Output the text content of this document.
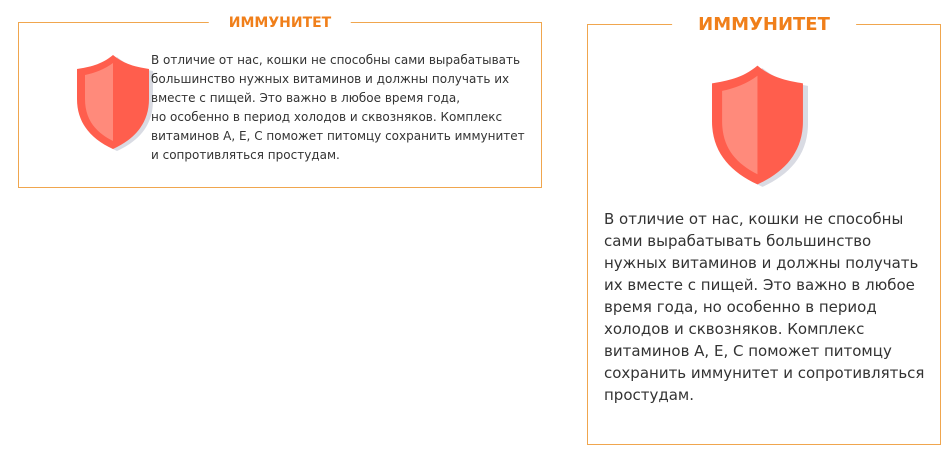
ИММУНИТЕТ
В отличие от нас, кошки не способны сами вырабатывать
большинство нужных витаминов и должны получать их
вместе с пищей. Это важно в любое время года,
но особенно в период холодов и сквозняков. Комплекс
витаминов А, Е, С поможет питомцу сохранить иммунитет
и сопротивляться простудам.
ИММУНИТЕТ
В отличие от нас, кошки не способны
сами вырабатывать большинство
нужных витаминов и должны получать
их вместе с пищей. Это важно в любое
время года, но особенно в период
холодов и сквозняков. Комплекс
витаминов А, Е, С поможет питомцу
сохранить иммунитет и сопротивляться
простудам.
